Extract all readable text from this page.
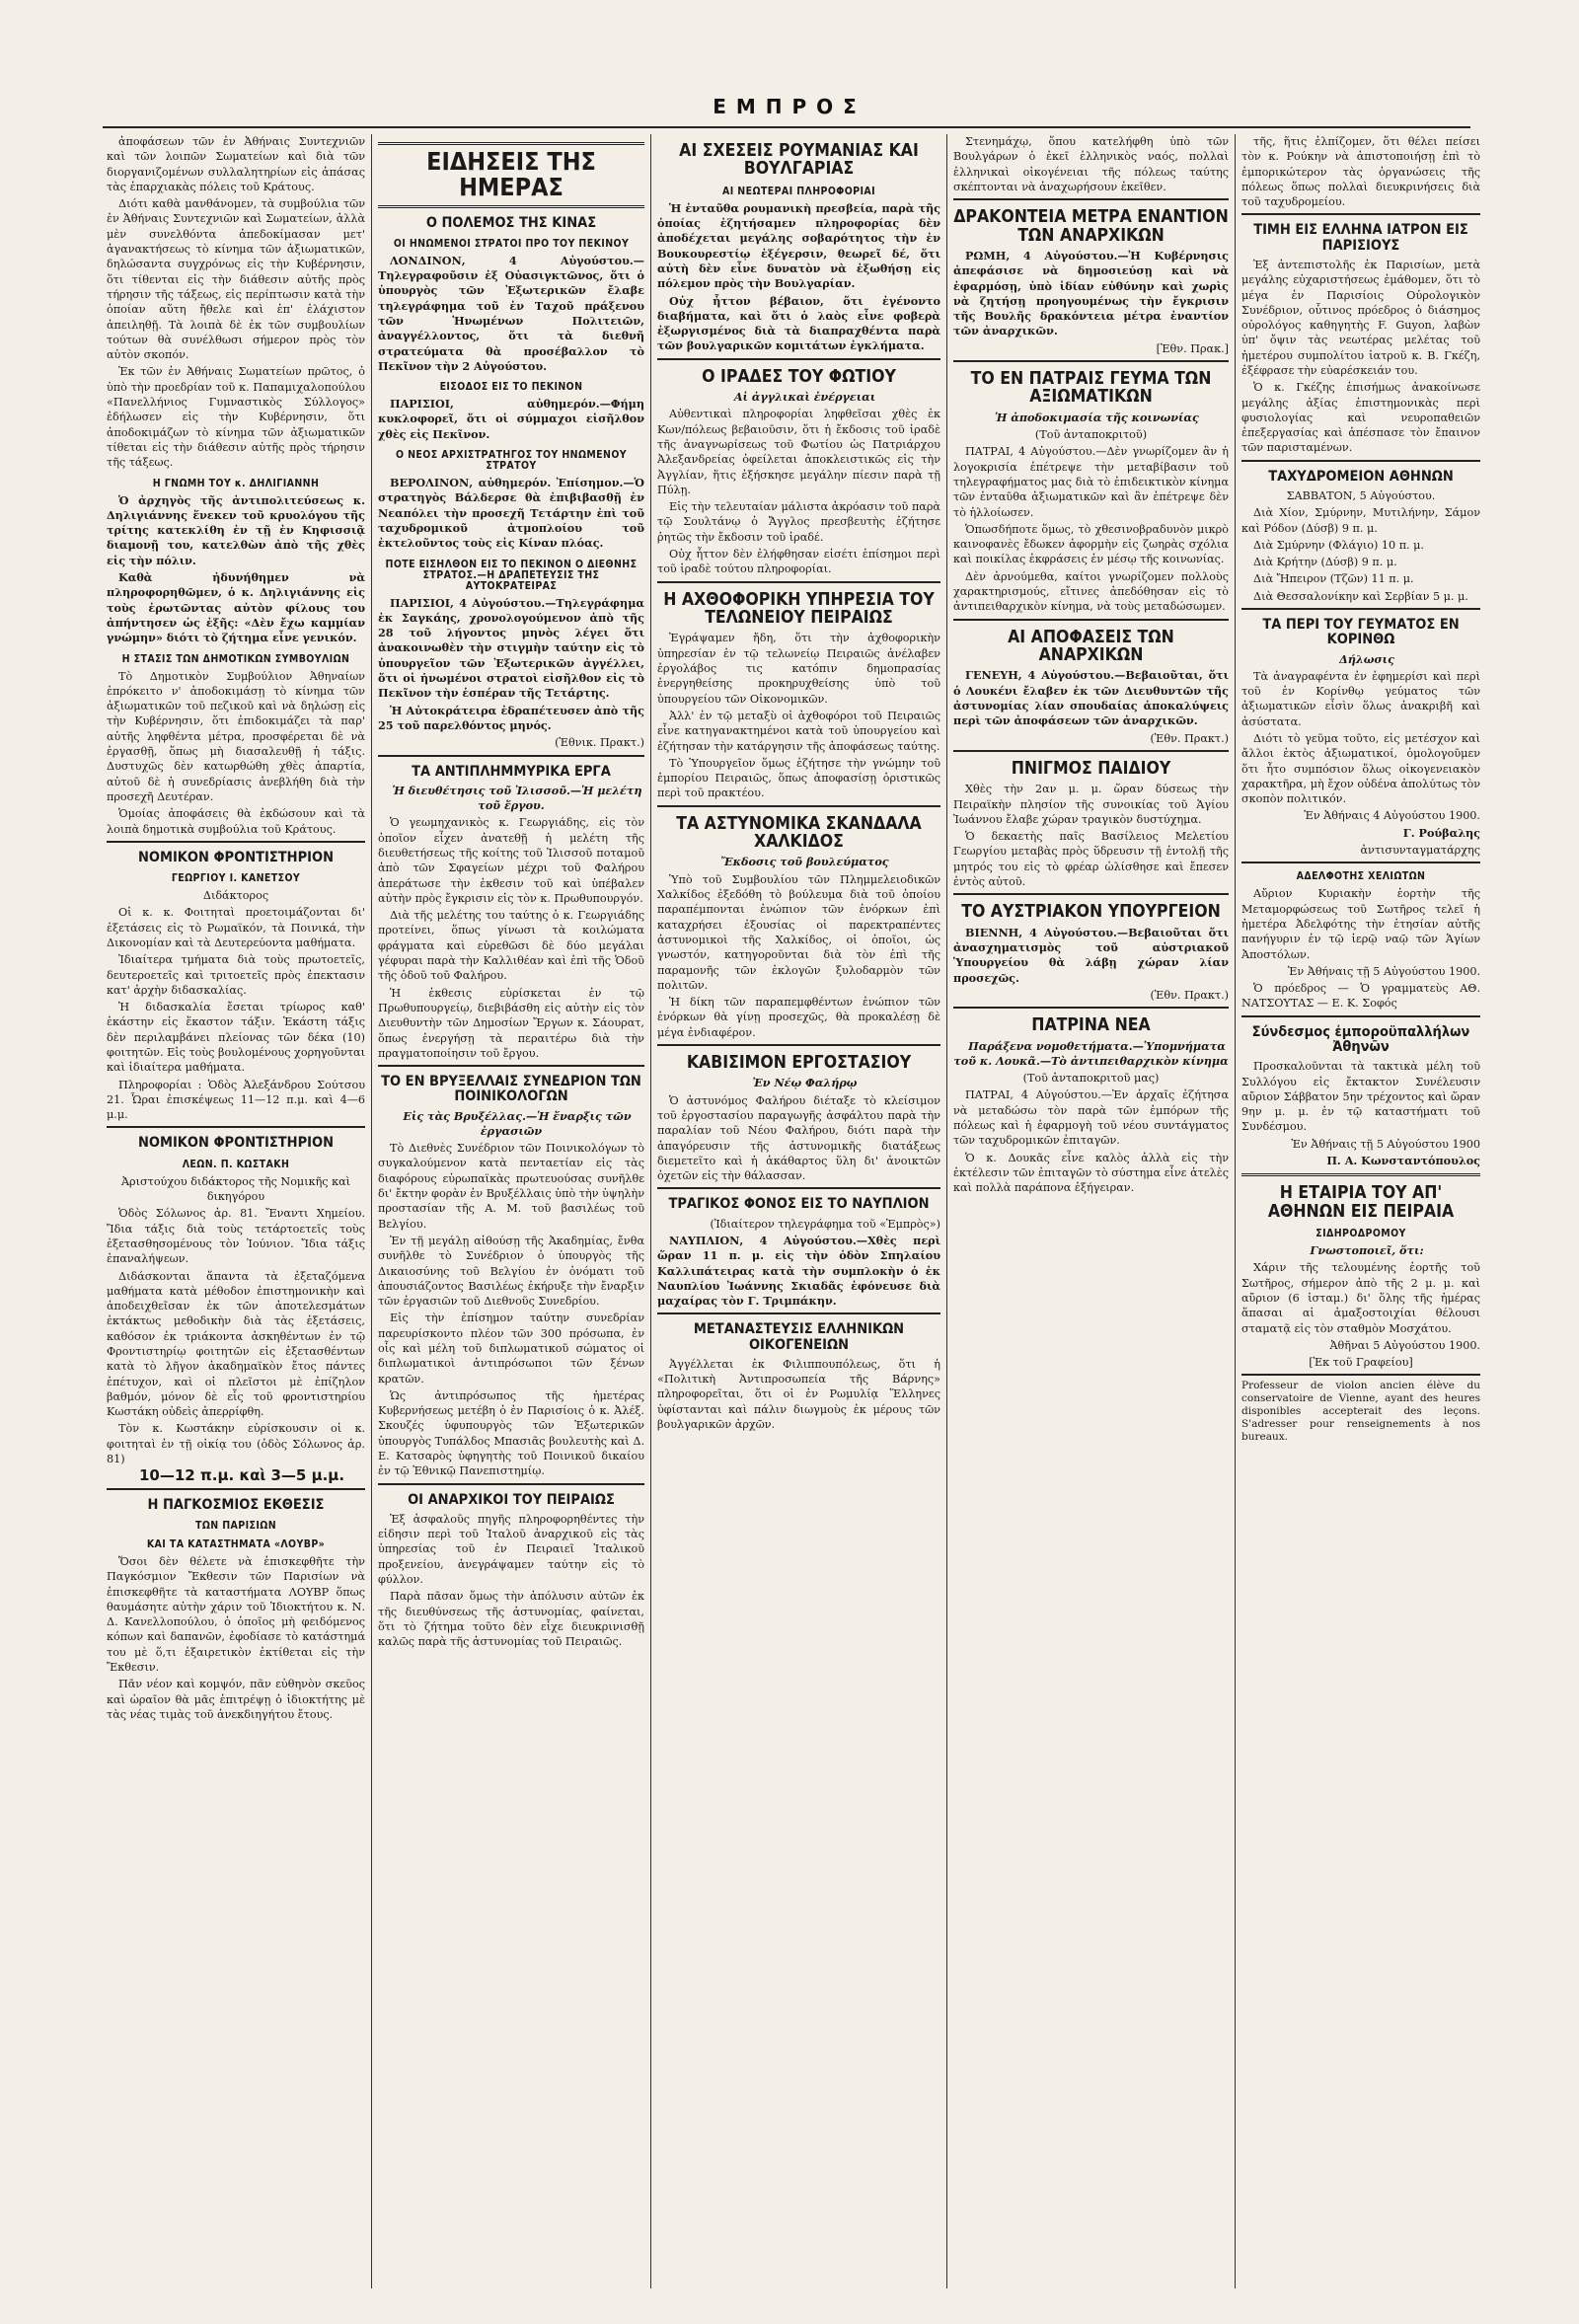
ΕΜΠΡΟΣ

ἀποφάσεων τῶν ἐν Ἀθήναις Συντεχνιῶν καὶ τῶν λοιπῶν Σωματείων καὶ διὰ τῶν διοργανιζομένων συλλαλητηρίων εἰς ἁπάσας τὰς ἐπαρχιακὰς πόλεις τοῦ Κράτους.

Διότι καθὰ μανθάνομεν, τὰ συμβούλια τῶν ἐν Ἀθήναις Συντεχνιῶν καὶ Σωματείων, ἀλλὰ μὲν συνελθόντα ἀπεδοκίμασαν μετ' ἀγανακτήσεως τὸ κίνημα τῶν ἀξιωματικῶν, δηλώσαντα συγχρόνως εἰς τὴν Κυβέρνησιν, ὅτι τίθενται εἰς τὴν διάθεσιν αὐτῆς πρὸς τήρησιν τῆς τάξεως, εἰς περίπτωσιν κατὰ τὴν ὁποίαν αὕτη ἤθελε καὶ ἐπ' ἐλάχιστον ἀπειληθῇ. Τὰ λοιπὰ δὲ ἐκ τῶν συμβουλίων τούτων θὰ συνέλθωσι σήμερον πρὸς τὸν αὐτὸν σκοπόν.

Ἐκ τῶν ἐν Ἀθήναις Σωματείων πρῶτος, ὁ ὑπὸ τὴν προεδρίαν τοῦ κ. Παπαμιχαλοπούλου «Πανελλήνιος Γυμναστικὸς Σύλλογος» ἐδήλωσεν εἰς τὴν Κυβέρνησιν, ὅτι ἀποδοκιμάζων τὸ κίνημα τῶν ἀξιωματικῶν τίθεται εἰς τὴν διάθεσιν αὐτῆς πρὸς τήρησιν τῆς τάξεως.

Η ΓΝΩΜΗ ΤΟΥ κ. ΔΗΛΙΓΙΑΝΝΗ

Ὁ ἀρχηγὸς τῆς ἀντιπολιτεύσεως κ. Δηλιγιάννης ἕνεκεν τοῦ κρυολόγου τῆς τρίτης κατεκλίθη ἐν τῇ ἐν Κηφισσιᾷ διαμονῇ του, κατελθὼν ἀπὸ τῆς χθὲς εἰς τὴν πόλιν.

Καθὰ ἠδυνήθημεν νὰ πληροφορηθῶμεν, ὁ κ. Δηλιγιάννης εἰς τοὺς ἐρωτῶντας αὐτὸν φίλους του ἀπήντησεν ὡς ἑξῆς: «Δὲν ἔχω καμμίαν γνώμην» διότι τὸ ζήτημα εἶνε γενικόν.

Η ΣΤΑΣΙΣ ΤΩΝ ΔΗΜΟΤΙΚΩΝ ΣΥΜΒΟΥΛΙΩΝ

Τὸ Δημοτικὸν Συμβούλιον Ἀθηναίων ἐπρόκειτο ν' ἀποδοκιμάσῃ τὸ κίνημα τῶν ἀξιωματικῶν τοῦ πεζικοῦ καὶ νὰ δηλώσῃ εἰς τὴν Κυβέρνησιν, ὅτι ἐπιδοκιμάζει τὰ παρ' αὐτῆς ληφθέντα μέτρα, προσφέρεται δὲ νὰ ἐργασθῇ, ὅπως μὴ διασαλευθῇ ἡ τάξις. Δυστυχῶς δὲν κατωρθώθη χθὲς ἀπαρτία, αὐτοῦ δὲ ἡ συνεδρίασις ἀνεβλήθη διὰ τὴν προσεχῆ Δευτέραν.

Ὁμοίας ἀποφάσεις θὰ ἐκδώσουν καὶ τὰ λοιπὰ δημοτικὰ συμβούλια τοῦ Κράτους.

ΝΟΜΙΚΟΝ ΦΡΟΝΤΙΣΤΗΡΙΟΝ
ΓΕΩΡΓΙΟΥ Ι. ΚΑΝΕΤΣΟΥ

Διδάκτορος

Οἱ κ. κ. Φοιτηταὶ προετοιμάζονται δι' ἐξετάσεις εἰς τὸ Ρωμαϊκόν, τὰ Ποινικά, τὴν Δικονομίαν καὶ τὰ Δευτερεύοντα μαθήματα.

Ἰδιαίτερα τμήματα διὰ τοὺς πρωτοετεῖς, δευτεροετεῖς καὶ τριτοετεῖς πρὸς ἐπεκτασιν κατ' ἀρχὴν διδασκαλίας.

Ἡ διδασκαλία ἔσεται τρίωρος καθ' ἑκάστην εἰς ἕκαστον τάξιν. Ἑκάστη τάξις δὲν περιλαμβάνει πλείονας τῶν δέκα (10) φοιτητῶν. Εἰς τοὺς βουλομένους χορηγοῦνται καὶ ἰδιαίτερα μαθήματα.

Πληροφορίαι : Ὁδὸς Ἀλεξάνδρου Σούτσου 21. Ὧραι ἐπισκέψεως 11—12 π.μ. καὶ 4—6 μ.μ.

ΝΟΜΙΚΟΝ ΦΡΟΝΤΙΣΤΗΡΙΟΝ
ΛΕΩΝ. Π. ΚΩΣΤΑΚΗ

Ἀριστούχου διδάκτορος τῆς Νομικῆς καὶ δικηγόρου

Ὁδὸς Σόλωνος ἀρ. 81. Ἔναντι Χημείου. Ἴδια τάξις διὰ τοὺς τετάρτοετεῖς τοὺς ἐξετασθησομένους τὸν Ἰούνιον. Ἴδια τάξις ἐπαναλήψεων.

Διδάσκονται ἅπαντα τὰ ἐξεταζόμενα μαθήματα κατὰ μέθοδον ἐπιστημονικὴν καὶ ἀποδειχθεῖσαν ἐκ τῶν ἀποτελεσμάτων ἐκτάκτως μεθοδικὴν διὰ τὰς ἐξετάσεις, καθόσον ἐκ τριάκοντα ἀσκηθέντων ἐν τῷ Φροντιστηρίῳ φοιτητῶν εἰς ἐξετασθέντων κατὰ τὸ λῆγον ἀκαδημαϊκὸν ἔτος πάντες ἐπέτυχον, καὶ οἱ πλεῖστοι μὲ ἐπίζηλον βαθμόν, μόνον δὲ εἷς τοῦ φροντιστηρίου Κωστάκη οὐδεὶς ἀπερρίφθη.

Τὸν κ. Κωστάκην εὑρίσκουσιν οἱ κ. φοιτηταὶ ἐν τῇ οἰκίᾳ του (ὁδὸς Σόλωνος ἀρ. 81)

10—12 π.μ. καὶ 3—5 μ.μ.

Η ΠΑΓΚΟΣΜΙΟΣ ΕΚΘΕΣΙΣ
ΤΩΝ ΠΑΡΙΣΙΩΝ
ΚΑΙ ΤΑ ΚΑΤΑΣΤΗΜΑΤΑ «ΛΟΥΒΡ»

Ὅσοι δὲν θέλετε νὰ ἐπισκεφθῆτε τὴν Παγκόσμιον Ἔκθεσιν τῶν Παρισίων νὰ ἐπισκεφθῆτε τὰ καταστήματα ΛΟΥΒΡ ὅπως θαυμάσητε αὐτὴν χάριν τοῦ Ἰδιοκτήτου κ. Ν. Δ. Κανελλοπούλου, ὁ ὁποῖος μὴ φειδόμενος κόπων καὶ δαπανῶν, ἐφοδίασε τὸ κατάστημά του μὲ ὅ,τι ἐξαιρετικὸν ἐκτίθεται εἰς τὴν Ἔκθεσιν.

Πᾶν νέον καὶ κομψόν, πᾶν εὐθηνὸν σκεῦος καὶ ὡραῖον θὰ μᾶς ἐπιτρέψῃ ὁ ἰδιοκτήτης μὲ τὰς νέας τιμὰς τοῦ ἀνεκδιηγήτου ἔτους.

ΕΙΔΗΣΕΙΣ ΤΗΣ ΗΜΕΡΑΣ
Ο ΠΟΛΕΜΟΣ ΤΗΣ ΚΙΝΑΣ
ΟΙ ΗΝΩΜΕΝΟΙ ΣΤΡΑΤΟΙ ΠΡΟ ΤΟΥ ΠΕΚΙΝΟΥ

ΛΟΝΔΙΝΟΝ, 4 Αὐγούστου.—Τηλεγραφοῦσιν ἐξ Οὐασιγκτῶνος, ὅτι ὁ ὑπουργὸς τῶν Ἐξωτερικῶν ἔλαβε τηλεγράφημα τοῦ ἐν Ταχοῦ πράξενου τῶν Ἡνωμένων Πολιτειῶν, ἀναγγέλλοντος, ὅτι τὰ διεθνῆ στρατεύματα θὰ προσέβαλλον τὸ Πεκῖνον τὴν 2 Αὐγούστου.

ΕΙΣΟΔΟΣ ΕΙΣ ΤΟ ΠΕΚΙΝΟΝ

ΠΑΡΙΣΙΟΙ, αὐθημερόν.—Φήμη κυκλοφορεῖ, ὅτι οἱ σύμμαχοι εἰσῆλθον χθὲς εἰς Πεκῖνον.

Ο ΝΕΟΣ ΑΡΧΙΣΤΡΑΤΗΓΟΣ ΤΟΥ ΗΝΩΜΕΝΟΥ ΣΤΡΑΤΟΥ

ΒΕΡΟΛΙΝΟΝ, αὐθημερόν. Ἐπίσημον.—Ὁ στρατηγὸς Βάλδερσε θὰ ἐπιβιβασθῇ ἐν Νεαπόλει τὴν προσεχῆ Τετάρτην ἐπὶ τοῦ ταχυδρομικοῦ ἀτμοπλοίου τοῦ ἐκτελοῦντος τοὺς εἰς Κίναν πλόας.

ΠΟΤΕ ΕΙΣΗΛΘΟΝ ΕΙΣ ΤΟ ΠΕΚΙΝΟΝ Ο ΔΙΕΘΝΗΣ ΣΤΡΑΤΟΣ.—Η ΔΡΑΠΕΤΕΥΣΙΣ ΤΗΣ ΑΥΤΟΚΡΑΤΕΙΡΑΣ

ΠΑΡΙΣΙΟΙ, 4 Αὐγούστου.—Τηλεγράφημα ἐκ Σαγκάης, χρονολογούμενον ἀπὸ τῆς 28 τοῦ λήγοντος μηνὸς λέγει ὅτι ἀνακοινωθὲν τὴν στιγμὴν ταύτην εἰς τὸ ὑπουργεῖον τῶν Ἐξωτερικῶν ἀγγέλλει, ὅτι οἱ ἡνωμένοι στρατοὶ εἰσῆλθον εἰς τὸ Πεκῖνον τὴν ἑσπέραν τῆς Τετάρτης.

Ἡ Αὐτοκράτειρα ἐδραπέτευσεν ἀπὸ τῆς 25 τοῦ παρελθόντος μηνός.

(Ἐθνικ. Πρακτ.)

ΤΑ ΑΝΤΙΠΛΗΜΜΥΡΙΚΑ ΕΡΓΑ

Ἡ διευθέτησις τοῦ Ἰλισσοῦ.—Ἡ μελέτη τοῦ ἔργου.

Ὁ γεωμηχανικὸς κ. Γεωργιάδης, εἰς τὸν ὁποῖον εἶχεν ἀνατεθῇ ἡ μελέτη τῆς διευθετήσεως τῆς κοίτης τοῦ Ἰλισσοῦ ποταμοῦ ἀπὸ τῶν Σφαγείων μέχρι τοῦ Φαλήρου ἀπεράτωσε τὴν ἐκθεσιν τοῦ καὶ ὑπέβαλεν αὐτὴν πρὸς ἔγκρισιν εἰς τὸν κ. Πρωθυπουργόν.

Διὰ τῆς μελέτης του ταύτης ὁ κ. Γεωργιάδης προτείνει, ὅπως γίνωσι τὰ κοιλώματα φράγματα καὶ εὑρεθῶσι δὲ δύο μεγάλαι γέφυραι παρὰ τὴν Καλλιθέαν καὶ ἐπὶ τῆς Ὁδοῦ τῆς ὁδοῦ τοῦ Φαλήρου.

Ἡ ἐκθεσις εὑρίσκεται ἐν τῷ Πρωθυπουργείῳ, διεβιβάσθη εἰς αὐτὴν εἰς τὸν Διευθυντὴν τῶν Δημοσίων Ἔργων κ. Σάουρατ, ὅπως ἐνεργήσῃ τὰ περαιτέρω διὰ τὴν πραγματοποίησιν τοῦ ἔργου.

ΤΟ ΕΝ ΒΡΥΞΕΛΛΑΙΣ ΣΥΝΕΔΡΙΟΝ ΤΩΝ ΠΟΙΝΙΚΟΛΟΓΩΝ

Εἰς τὰς Βρυξέλλας.—Ἡ ἔναρξις τῶν ἐργασιῶν

Τὸ Διεθνὲς Συνέδριον τῶν Ποινικολόγων τὸ συγκαλούμενον κατὰ πενταετίαν εἰς τὰς διαφόρους εὐρωπαϊκὰς πρωτευούσας συνῆλθε δι' ἔκτην φορὰν ἐν Βρυξέλλαις ὑπὸ τὴν ὑψηλὴν προστασίαν τῆς Α. Μ. τοῦ βασιλέως τοῦ Βελγίου.

Ἐν τῇ μεγάλῃ αἰθούσῃ τῆς Ἀκαδημίας, ἔνθα συνῆλθε τὸ Συνέδριον ὁ ὑπουργὸς τῆς Δικαιοσύνης τοῦ Βελγίου ἐν ὀνόματι τοῦ ἀπουσιάζοντος Βασιλέως ἐκήρυξε τὴν ἔναρξιν τῶν ἐργασιῶν τοῦ Διεθνοῦς Συνεδρίου.

Εἰς τὴν ἐπίσημον ταύτην συνεδρίαν παρευρίσκοντο πλέον τῶν 300 πρόσωπα, ἐν οἷς καὶ μέλη τοῦ διπλωματικοῦ σώματος οἱ διπλωματικοὶ ἀντιπρόσωποι τῶν ξένων κρατῶν.

Ὡς ἀντιπρόσωπος τῆς ἡμετέρας Κυβερνήσεως μετέβη ὁ ἐν Παρισίοις ὁ κ. Ἀλέξ. Σκουζές ὑφυπουργὸς τῶν Ἐξωτερικῶν ὑπουργὸς Τυπάλδος Μπασιᾶς βουλευτὴς καὶ Δ. Ε. Κατσαρὸς ὑφηγητὴς τοῦ Ποινικοῦ δικαίου ἐν τῷ Ἐθνικῷ Πανεπιστημίῳ.

ΟΙ ΑΝΑΡΧΙΚΟΙ ΤΟΥ ΠΕΙΡΑΙΩΣ

Ἐξ ἀσφαλοῦς πηγῆς πληροφορηθέντες τὴν εἰδησιν περὶ τοῦ Ἰταλοῦ ἀναρχικοῦ εἰς τὰς ὑπηρεσίας τοῦ ἐν Πειραιεῖ Ἰταλικοῦ προξενείου, ἀνεγράψαμεν ταύτην εἰς τὸ φύλλον.

Παρὰ πᾶσαν ὅμως τὴν ἀπόλυσιν αὐτῶν ἐκ τῆς διευθύνσεως τῆς ἀστυνομίας, φαίνεται, ὅτι τὸ ζήτημα τοῦτο δὲν εἶχε διευκρινισθῇ καλῶς παρὰ τῆς ἀστυνομίας τοῦ Πειραιῶς.

ΑΙ ΣΧΕΣΕΙΣ ΡΟΥΜΑΝΙΑΣ ΚΑΙ ΒΟΥΛΓΑΡΙΑΣ
ΑΙ ΝΕΩΤΕΡΑΙ ΠΛΗΡΟΦΟΡΙΑΙ

Ἡ ἐνταῦθα ρουμανικὴ πρεσβεία, παρὰ τῆς ὁποίας ἐζητήσαμεν πληροφορίας δὲν ἀποδέχεται μεγάλης σοβαρότητος τὴν ἐν Βουκουρεστίῳ ἐξέγερσιν, θεωρεῖ δέ, ὅτι αὐτὴ δὲν εἶνε δυνατὸν νὰ ἐξωθήσῃ εἰς πόλεμον πρὸς τὴν Βουλγαρίαν.

Οὐχ ἧττον βέβαιον, ὅτι ἐγένοντο διαβήματα, καὶ ὅτι ὁ λαὸς εἶνε φοβερὰ ἐξωργισμένος διὰ τὰ διαπραχθέντα παρὰ τῶν βουλγαρικῶν κομιτάτων ἐγκλήματα.

Ο ΙΡΑΔΕΣ ΤΟΥ ΦΩΤΙΟΥ

Αἱ ἀγγλικαὶ ἐνέργειαι

Αὐθεντικαὶ πληροφορίαι ληφθεῖσαι χθὲς ἐκ Κων/πόλεως βεβαιοῦσιν, ὅτι ἡ ἔκδοσις τοῦ ἰραδὲ τῆς ἀναγνωρίσεως τοῦ Φωτίου ὡς Πατριάρχου Ἀλεξανδρείας ὀφείλεται ἀποκλειστικῶς εἰς τὴν Ἀγγλίαν, ἥτις ἐξήσκησε μεγάλην πίεσιν παρὰ τῇ Πύλῃ.

Εἰς τὴν τελευταίαν μάλιστα ἀκρόασιν τοῦ παρὰ τῷ Σουλτάνῳ ὁ Ἄγγλος πρεσβευτὴς ἐζήτησε ῥητῶς τὴν ἔκδοσιν τοῦ ἰραδέ.

Οὐχ ἧττον δὲν ἐλήφθησαν εἰσέτι ἐπίσημοι περὶ τοῦ ἰραδὲ τούτου πληροφορίαι.

Η ΑΧΘΟΦΟΡΙΚΗ ΥΠΗΡΕΣΙΑ ΤΟΥ ΤΕΛΩΝΕΙΟΥ ΠΕΙΡΑΙΩΣ

Ἐγράψαμεν ἤδη, ὅτι τὴν ἀχθοφορικὴν ὑπηρεσίαν ἐν τῷ τελωνείῳ Πειραιῶς ἀνέλαβεν ἐργολάβος τις κατόπιν δημοπρασίας ἐνεργηθείσης προκηρυχθείσης ὑπὸ τοῦ ὑπουργείου τῶν Οἰκονομικῶν.

Ἀλλ' ἐν τῷ μεταξὺ οἱ ἀχθοφόροι τοῦ Πειραιῶς εἶνε κατηγανακτημένοι κατὰ τοῦ ὑπουργείου καὶ ἐζήτησαν τὴν κατάργησιν τῆς ἀποφάσεως ταύτης.

Τὸ Ὑπουργεῖον ὅμως ἐζήτησε τὴν γνώμην τοῦ ἐμπορίου Πειραιῶς, ὅπως ἀποφασίσῃ ὁριστικῶς περὶ τοῦ πρακτέου.

ΤΑ ΑΣΤΥΝΟΜΙΚΑ ΣΚΑΝΔΑΛΑ ΧΑΛΚΙΔΟΣ

Ἔκδοσις τοῦ βουλεύματος

Ὑπὸ τοῦ Συμβουλίου τῶν Πλημμελειοδικῶν Χαλκίδος ἐξεδόθη τὸ βούλευμα διὰ τοῦ ὁποίου παραπέμπονται ἐνώπιον τῶν ἐνόρκων ἐπὶ καταχρήσει ἐξουσίας οἱ παρεκτραπέντες ἀστυνομικοὶ τῆς Χαλκίδος, οἱ ὁποῖοι, ὡς γνωστόν, κατηγοροῦνται διὰ τὸν ἐπὶ τῆς παραμονῆς τῶν ἐκλογῶν ξυλοδαρμὸν τῶν πολιτῶν.

Ἡ δίκη τῶν παραπεμφθέντων ἐνώπιον τῶν ἐνόρκων θὰ γίνῃ προσεχῶς, θὰ προκαλέσῃ δὲ μέγα ἐνδιαφέρον.

ΚΑΒΙΣΙΜΟΝ ΕΡΓΟΣΤΑΣΙΟΥ

Ἐν Νέῳ Φαλήρῳ

Ὁ ἀστυνόμος Φαλήρου διέταξε τὸ κλείσιμον τοῦ ἐργοστασίου παραγωγῆς ἀσφάλτου παρὰ τὴν παραλίαν τοῦ Νέου Φαλήρου, διότι παρὰ τὴν ἀπαγόρευσιν τῆς ἀστυνομικῆς διατάξεως διεμετεῖτο καὶ ἡ ἀκάθαρτος ὕλη δι' ἀνοικτῶν ὀχετῶν εἰς τὴν θάλασσαν.

ΤΡΑΓΙΚΟΣ ΦΟΝΟΣ ΕΙΣ ΤΟ ΝΑΥΠΛΙΟΝ

(Ἰδιαίτερον τηλεγράφημα τοῦ «Ἐμπρὸς»)

ΝΑΥΠΛΙΟΝ, 4 Αὐγούστου.—Χθὲς περὶ ὥραν 11 π. μ. εἰς τὴν ὁδὸν Σπηλαίου Καλλιπάτειρας κατὰ τὴν συμπλοκὴν ὁ ἐκ Ναυπλίου Ἰωάννης Σκιαδᾶς ἐφόνευσε διὰ μαχαίρας τὸν Γ. Τριμπάκην.

ΜΕΤΑΝΑΣΤΕΥΣΙΣ ΕΛΛΗΝΙΚΩΝ ΟΙΚΟΓΕΝΕΙΩΝ

Ἀγγέλλεται ἐκ Φιλιππουπόλεως, ὅτι ἡ «Πολιτικὴ Ἀντιπροσωπεία τῆς Βάρνης» πληροφορεῖται, ὅτι οἱ ἐν Ρωμυλίᾳ Ἕλληνες ὑφίστανται καὶ πάλιν διωγμοὺς ἐκ μέρους τῶν βουλγαρικῶν ἀρχῶν.

Στενημάχῳ, ὅπου κατελήφθη ὑπὸ τῶν Βουλγάρων ὁ ἐκεῖ ἑλληνικὸς ναός, πολλαὶ ἑλληνικαὶ οἰκογένειαι τῆς πόλεως ταύτης σκέπτονται νὰ ἀναχωρήσουν ἐκεῖθεν.

ΔΡΑΚΟΝΤΕΙΑ ΜΕΤΡΑ ΕΝΑΝΤΙΟΝ ΤΩΝ ΑΝΑΡΧΙΚΩΝ

ΡΩΜΗ, 4 Αὐγούστου.—Ἡ Κυβέρνησις ἀπεφάσισε νὰ δημοσιεύσῃ καὶ νὰ ἐφαρμόσῃ, ὑπὸ ἰδίαν εὐθύνην καὶ χωρὶς νὰ ζητήσῃ προηγουμένως τὴν ἔγκρισιν τῆς Βουλῆς δρακόντεια μέτρα ἐναντίον τῶν ἀναρχικῶν.

[Ἐθν. Πρακ.]

ΤΟ ΕΝ ΠΑΤΡΑΙΣ ΓΕΥΜΑ ΤΩΝ ΑΞΙΩΜΑΤΙΚΩΝ

Ἡ ἀποδοκιμασία τῆς κοινωνίας

(Τοῦ ἀνταποκριτοῦ)

ΠΑΤΡΑΙ, 4 Αὐγούστου.—Δὲν γνωρίζομεν ἂν ἡ λογοκρισία ἐπέτρεψε τὴν μεταβίβασιν τοῦ τηλεγραφήματος μας διὰ τὸ ἐπιδεικτικὸν κίνημα τῶν ἐνταῦθα ἀξιωματικῶν καὶ ἂν ἐπέτρεψε δὲν τὸ ἠλλοίωσεν.

Ὁπωσδήποτε ὅμως, τὸ χθεσινοβραδυνὸν μικρὸ καινοφανὲς ἔδωκεν ἀφορμὴν εἰς ζωηρὰς σχόλια καὶ ποικίλας ἐκφράσεις ἐν μέσῳ τῆς κοινωνίας.

Δὲν ἀρνούμεθα, καίτοι γνωρίζομεν πολλοὺς χαρακτηρισμούς, εἴτινες ἀπεδόθησαν εἰς τὸ ἀντιπειθαρχικὸν κίνημα, νὰ τοὺς μεταδώσωμεν.

ΑΙ ΑΠΟΦΑΣΕΙΣ ΤΩΝ ΑΝΑΡΧΙΚΩΝ

ΓΕΝΕΥΗ, 4 Αὐγούστου.—Βεβαιοῦται, ὅτι ὁ Λουκένι ἔλαβεν ἐκ τῶν Διευθυντῶν τῆς ἀστυνομίας λίαν σπουδαίας ἀποκαλύψεις περὶ τῶν ἀποφάσεων τῶν ἀναρχικῶν.

(Ἐθν. Πρακτ.)

ΠΝΙΓΜΟΣ ΠΑΙΔΙΟΥ

Χθὲς τὴν 2αν μ. μ. ὥραν δύσεως τὴν Πειραϊκὴν πλησίον τῆς συνοικίας τοῦ Ἁγίου Ἰωάννου ἔλαβε χώραν τραγικὸν δυστύχημα.

Ὁ δεκαετὴς παῖς Βασίλειος Μελετίου Γεωργίου μεταβὰς πρὸς ὕδρευσιν τῇ ἐντολῇ τῆς μητρός του εἰς τὸ φρέαρ ὠλίσθησε καὶ ἔπεσεν ἐντὸς αὐτοῦ.

ΤΟ ΑΥΣΤΡΙΑΚΟΝ ΥΠΟΥΡΓΕΙΟΝ

ΒΙΕΝΝΗ, 4 Αὐγούστου.—Βεβαιοῦται ὅτι ἀνασχηματισμὸς τοῦ αὐστριακοῦ Ὑπουργείου θὰ λάβῃ χώραν λίαν προσεχῶς.

(Ἐθν. Πρακτ.)

ΠΑΤΡΙΝΑ ΝΕΑ

Παράξενα νομοθετήματα.—Ὑπομνήματα τοῦ κ. Λουκᾶ.—Τὸ ἀντιπειθαρχικὸν κίνημα

(Τοῦ ἀνταποκριτοῦ μας)

ΠΑΤΡΑΙ, 4 Αὐγούστου.—Ἐν ἀρχαῖς ἐζήτησα νὰ μεταδώσω τὸν παρὰ τῶν ἐμπόρων τῆς πόλεως καὶ ἡ ἐφαρμογὴ τοῦ νέου συντάγματος τῶν ταχυδρομικῶν ἐπιταγῶν.

Ὁ κ. Δουκᾶς εἶνε καλὸς ἀλλὰ εἰς τὴν ἐκτέλεσιν τῶν ἐπιταγῶν τὸ σύστημα εἶνε ἀτελὲς καὶ πολλὰ παράπονα ἐξήγειραν.

τῆς, ἥτις ἐλπίζομεν, ὅτι θέλει πείσει τὸν κ. Ρούκην νὰ ἀπιστοποιήσῃ ἐπὶ τὸ ἐμπορικώτερον τὰς ὀργανώσεις τῆς πόλεως ὅπως πολλαὶ διευκρινήσεις διὰ τοῦ ταχυδρομείου.

ΤΙΜΗ ΕΙΣ ΕΛΛΗΝΑ ΙΑΤΡΟΝ ΕΙΣ ΠΑΡΙΣΙΟΥΣ

Ἐξ ἀντεπιστολῆς ἐκ Παρισίων, μετὰ μεγάλης εὐχαριστήσεως ἐμάθομεν, ὅτι τὸ μέγα ἐν Παρισίοις Οὐρολογικὸν Συνέδριον, οὗτινος πρόεδρος ὁ διάσημος οὐρολόγος καθηγητὴς F. Guyon, λαβὼν ὑπ' ὄψιν τὰς νεωτέρας μελέτας τοῦ ἡμετέρου συμπολίτου ἰατροῦ κ. Β. Γκέζη, ἐξέφρασε τὴν εὐαρέσκειάν του.

Ὁ κ. Γκέζης ἐπισήμως ἀνακοίνωσε μεγάλης ἀξίας ἐπιστημονικὰς περὶ φυσιολογίας καὶ νευροπαθειῶν ἐπεξεργασίας καὶ ἀπέσπασε τὸν ἔπαινον τῶν παρισταμένων.

ΤΑΧΥΔΡΟΜΕΙΟΝ ΑΘΗΝΩΝ

ΣΑΒΒΑΤΟΝ, 5 Αὐγούστου.

Διὰ Χίον, Σμύρνην, Μυτιλήνην, Σάμον καὶ Ρόδον (Δύσβ) 9 π. μ.

Διὰ Σμύρνην (Φλάγιο) 10 π. μ.

Διὰ Κρήτην (Δύσβ) 9 π. μ.

Διὰ Ἤπειρον (Τζῶν) 11 π. μ.

Διὰ Θεσσαλονίκην καὶ Σερβίαν 5 μ. μ.

ΤΑ ΠΕΡΙ ΤΟΥ ΓΕΥΜΑΤΟΣ ΕΝ ΚΟΡΙΝΘΩ

Δήλωσις

Τὰ ἀναγραφέντα ἐν ἐφημερίσι καὶ περὶ τοῦ ἐν Κορίνθῳ γεύματος τῶν ἀξιωματικῶν εἶσὶν ὅλως ἀνακριβῆ καὶ ἀσύστατα.

Διότι τὸ γεῦμα τοῦτο, εἰς μετέσχον καὶ ἄλλοι ἐκτὸς ἀξιωματικοί, ὁμολογοῦμεν ὅτι ἦτο συμπόσιον ὅλως οἰκογενειακὸν χαρακτῆρα, μὴ ἔχον οὐδένα ἀπολύτως τὸν σκοπὸν πολιτικόν.

Ἐν Ἀθήναις 4 Αὐγούστου 1900.

Γ. Ρούβαλης

ἀντισυνταγματάρχης

ΑΔΕΛΦΟΤΗΣ ΧΕΛΙΩΤΩΝ

Αὔριον Κυριακὴν ἑορτὴν τῆς Μεταμορφώσεως τοῦ Σωτῆρος τελεῖ ἡ ἡμετέρα Ἀδελφότης τὴν ἐτησίαν αὐτῆς πανήγυριν ἐν τῷ ἱερῷ ναῷ τῶν Ἁγίων Ἀποστόλων.

Ἐν Ἀθήναις τῇ 5 Αὐγούστου 1900.

Ὁ πρόεδρος — Ὁ γραμματεὺς ΑΘ. ΝΑΤΣΟΥΤΑΣ — Ε. Κ. Σοφός

Σύνδεσμος ἐμποροϋπαλλήλων Ἀθηνῶν

Προσκαλοῦνται τὰ τακτικὰ μέλη τοῦ Συλλόγου εἰς ἔκτακτον Συνέλευσιν αὔριον Σάββατον 5ην τρέχοντος καὶ ὥραν 9ην μ. μ. ἐν τῷ καταστήματι τοῦ Συνδέσμου.

Ἐν Ἀθήναις τῇ 5 Αὐγούστου 1900

Π. Α. Κωνσταντόπουλος

Η ΕΤΑΙΡΙΑ ΤΟΥ ΑΠ' ΑΘΗΝΩΝ ΕΙΣ ΠΕΙΡΑΙΑ
ΣΙΔΗΡΟΔΡΟΜΟΥ

Γνωστοποιεῖ, ὅτι:

Χάριν τῆς τελουμένης ἑορτῆς τοῦ Σωτῆρος, σήμερον ἀπὸ τῆς 2 μ. μ. καὶ αὔριον (6 ἰσταμ.) δι' ὅλης τῆς ἡμέρας ἅπασαι αἱ ἁμαξοστοιχίαι θέλουσι σταματᾷ εἰς τὸν σταθμὸν Μοσχάτου.

Ἀθῆναι 5 Αὐγούστου 1900.

[Ἐκ τοῦ Γραφείου]

Professeur de violon ancien élève du conservatoire de Vienne, ayant des heures disponibles accepterait des leçons. S'adresser pour renseignements à nos bureaux.
